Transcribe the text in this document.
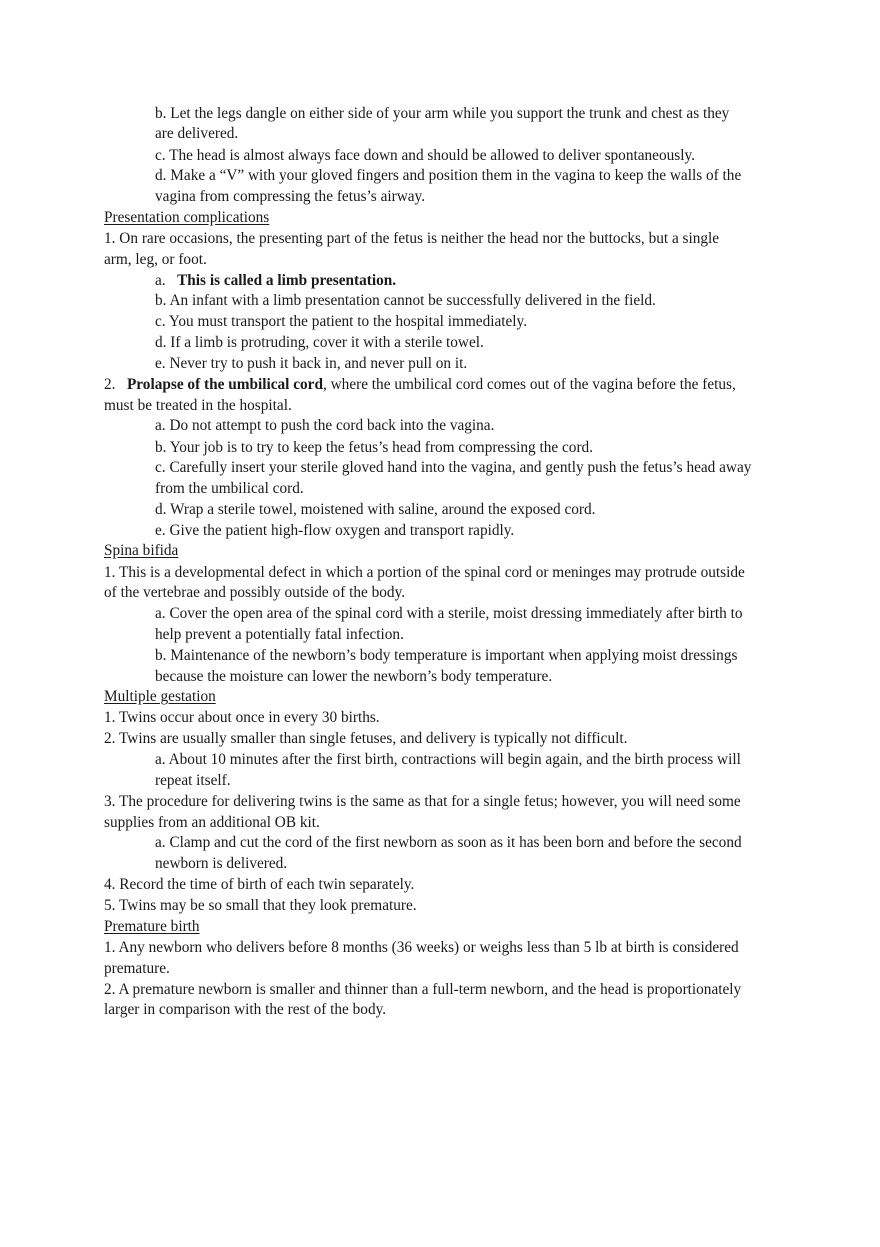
b. Let the legs dangle on either side of your arm while you support the trunk and chest as they
are delivered.
c. The head is almost always face down and should be allowed to deliver spontaneously.
d. Make a “V” with your gloved fingers and position them in the vagina to keep the walls of the
vagina from compressing the fetus’s airway.
Presentation complications
1. On rare occasions, the presenting part of the fetus is neither the head nor the buttocks, but a single
arm, leg, or foot.
a.   This is called a limb presentation.
b. An infant with a limb presentation cannot be successfully delivered in the field.
c. You must transport the patient to the hospital immediately.
d. If a limb is protruding, cover it with a sterile towel.
e. Never try to push it back in, and never pull on it.
2.   Prolapse of the umbilical cord, where the umbilical cord comes out of the vagina before the fetus,
must be treated in the hospital.
a. Do not attempt to push the cord back into the vagina.
b. Your job is to try to keep the fetus’s head from compressing the cord.
c. Carefully insert your sterile gloved hand into the vagina, and gently push the fetus’s head away
from the umbilical cord.
d. Wrap a sterile towel, moistened with saline, around the exposed cord.
e. Give the patient high-flow oxygen and transport rapidly.
Spina bifida
1. This is a developmental defect in which a portion of the spinal cord or meninges may protrude outside
of the vertebrae and possibly outside of the body.
a. Cover the open area of the spinal cord with a sterile, moist dressing immediately after birth to
help prevent a potentially fatal infection.
b. Maintenance of the newborn’s body temperature is important when applying moist dressings
because the moisture can lower the newborn’s body temperature.
Multiple gestation
1. Twins occur about once in every 30 births.
2. Twins are usually smaller than single fetuses, and delivery is typically not difficult.
a. About 10 minutes after the first birth, contractions will begin again, and the birth process will
repeat itself.
3. The procedure for delivering twins is the same as that for a single fetus; however, you will need some
supplies from an additional OB kit.
a. Clamp and cut the cord of the first newborn as soon as it has been born and before the second
newborn is delivered.
4. Record the time of birth of each twin separately.
5. Twins may be so small that they look premature.
Premature birth
1. Any newborn who delivers before 8 months (36 weeks) or weighs less than 5 lb at birth is considered
premature.
2. A premature newborn is smaller and thinner than a full-term newborn, and the head is proportionately
larger in comparison with the rest of the body.
